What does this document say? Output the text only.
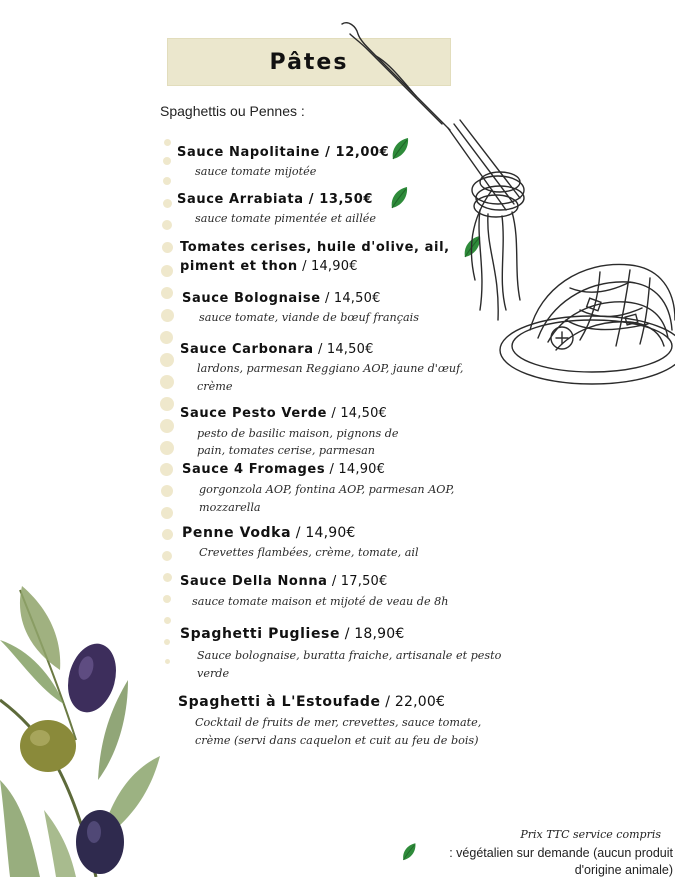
Pâtes
Spaghettis ou Pennes :
Sauce Napolitaine / 12,00€
sauce tomate mijotée
Sauce Arrabiata / 13,50€
sauce tomate pimentée et aillée
Tomates cerises, huile d'olive, ail,
piment et thon / 14,90€
Sauce Bolognaise / 14,50€
sauce tomate, viande de bœuf français
Sauce Carbonara / 14,50€
lardons, parmesan Reggiano AOP, jaune d'œuf,
crème
Sauce Pesto Verde / 14,50€
pesto de basilic maison, pignons de
pain, tomates cerise, parmesan
Sauce 4 Fromages / 14,90€
gorgonzola AOP, fontina AOP, parmesan AOP,
mozzarella
Penne Vodka / 14,90€
Crevettes flambées, crème, tomate, ail
Sauce Della Nonna / 17,50€
sauce tomate maison et mijoté de veau de 8h
Spaghetti Pugliese / 18,90€
Sauce bolognaise, buratta fraiche, artisanale et pesto
verde
Spaghetti à L'Estoufade / 22,00€
Cocktail de fruits de mer, crevettes, sauce tomate,
crème (servi dans caquelon et cuit au feu de bois)
Prix TTC service compris
: végétalien sur demande (aucun produit d'origine animale)
